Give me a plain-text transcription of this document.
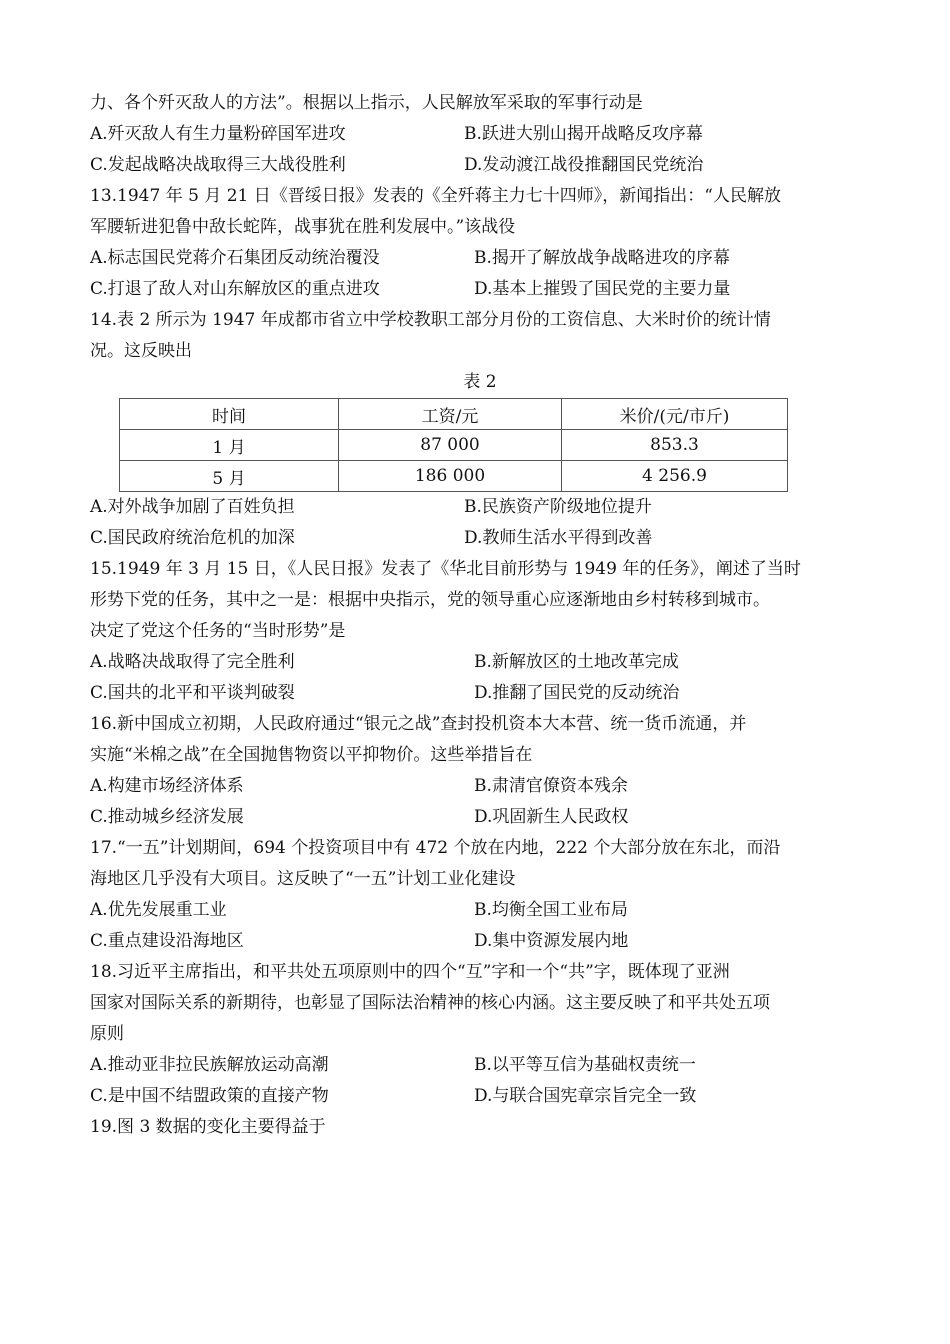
力、各个歼灭敌人的方法”。根据以上指示，人民解放军采取的军事行动是
A.歼灭敌人有生力量粉碎国军进攻	B.跃进大别山揭开战略反攻序幕
C.发起战略决战取得三大战役胜利	D.发动渡江战役推翻国民党统治
13.1947 年 5 月 21 日《晋绥日报》发表的《全歼蒋主力七十四师》，新闻指出：“人民解放
军腰斩进犯鲁中敌长蛇阵，战事犹在胜利发展中。”该战役
A.标志国民党蒋介石集团反动统治覆没	B.揭开了解放战争战略进攻的序幕
C.打退了敌人对山东解放区的重点进攻	D.基本上摧毁了国民党的主要力量
14.表 2 所示为 1947 年成都市省立中学校教职工部分月份的工资信息、大米时价的统计情
况。这反映出
表 2
时间	工资/元	米价/(元/市斤)
1 月	87 000	853.3
5 月	186 000	4 256.9
A.对外战争加剧了百姓负担	B.民族资产阶级地位提升
C.国民政府统治危机的加深	D.教师生活水平得到改善
15.1949 年 3 月 15 日，《人民日报》发表了《华北目前形势与 1949 年的任务》，阐述了当时
形势下党的任务，其中之一是：根据中央指示，党的领导重心应逐渐地由乡村转移到城市。
决定了党这个任务的“当时形势”是
A.战略决战取得了完全胜利	B.新解放区的土地改革完成
C.国共的北平和平谈判破裂	D.推翻了国民党的反动统治
16.新中国成立初期，人民政府通过“银元之战”查封投机资本大本营、统一货币流通，并
实施“米棉之战”在全国抛售物资以平抑物价。这些举措旨在
A.构建市场经济体系	B.肃清官僚资本残余
C.推动城乡经济发展	D.巩固新生人民政权
17.“一五”计划期间，694 个投资项目中有 472 个放在内地，222 个大部分放在东北，而沿
海地区几乎没有大项目。这反映了“一五”计划工业化建设
A.优先发展重工业	B.均衡全国工业布局
C.重点建设沿海地区	D.集中资源发展内地
18.习近平主席指出，和平共处五项原则中的四个“互”字和一个“共”字，既体现了亚洲
国家对国际关系的新期待，也彰显了国际法治精神的核心内涵。这主要反映了和平共处五项
原则
A.推动亚非拉民族解放运动高潮	B.以平等互信为基础权责统一
C.是中国不结盟政策的直接产物	D.与联合国宪章宗旨完全一致
19.图 3 数据的变化主要得益于
